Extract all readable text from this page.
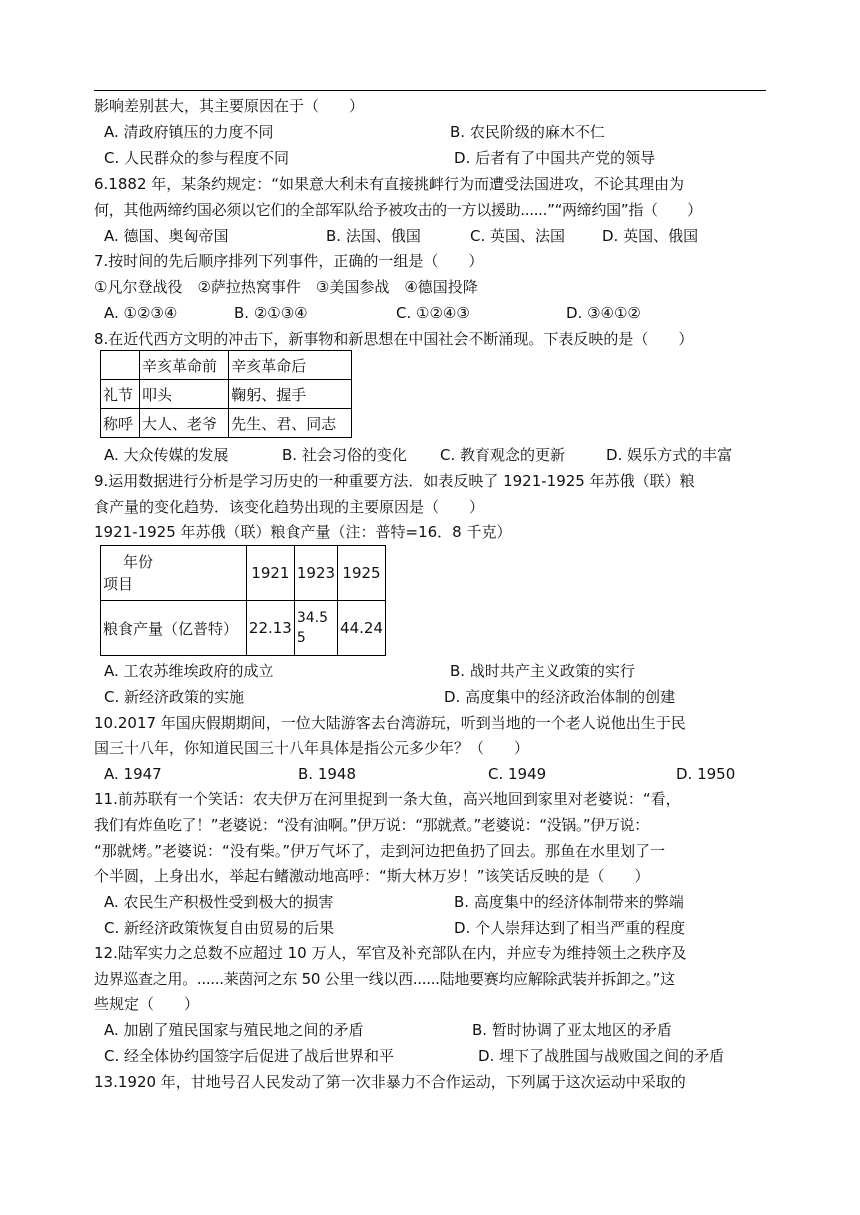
影响差别甚大，其主要原因在于（　　）
A. 清政府镇压的力度不同	B. 农民阶级的麻木不仁
C. 人民群众的参与程度不同	D. 后者有了中国共产党的领导
6.1882 年，某条约规定：“如果意大利未有直接挑衅行为而遭受法国进攻，不论其理由为
何，其他两缔约国必须以它们的全部军队给予被攻击的一方以援助......”“两缔约国”指（　　）
A. 德国、奥匈帝国	B. 法国、俄国	C. 英国、法国 D. 英国、俄国
7.按时间的先后顺序排列下列事件，正确的一组是（　　）
①凡尔登战役　②萨拉热窝事件　③美国参战　④德国投降
A. ①②③④	B. ②①③④	C. ①②④③	D. ③④①②
8.在近代西方文明的冲击下，新事物和新思想在中国社会不断涌现。下表反映的是（　　）
	辛亥革命前	辛亥革命后
礼节	叩头	鞠躬、握手
称呼	大人、老爷	先生、君、同志
A. 大众传媒的发展	B. 社会习俗的变化 C. 教育观念的更新	D. 娱乐方式的丰富
9.运用数据进行分析是学习历史的一种重要方法．如表反映了 1921-1925 年苏俄（联）粮
食产量的变化趋势．该变化趋势出现的主要原因是（　　）
1921-1925 年苏俄（联）粮食产量（注：普特=16．8 千克）
年份
项目	1921	1923	1925
粮食产量（亿普特）	22.13	34.55	44.24
A. 工农苏维埃政府的成立	B. 战时共产主义政策的实行
C. 新经济政策的实施	D. 高度集中的经济政治体制的创建
10.2017 年国庆假期期间，一位大陆游客去台湾游玩，听到当地的一个老人说他出生于民
国三十八年，你知道民国三十八年具体是指公元多少年？（　　）
A. 1947	B. 1948	C. 1949	D. 1950
11.前苏联有一个笑话：农夫伊万在河里捉到一条大鱼，高兴地回到家里对老婆说：“看，
我们有炸鱼吃了！”老婆说：“没有油啊。”伊万说：“那就煮。”老婆说：“没锅。”伊万说：
“那就烤。”老婆说：“没有柴。”伊万气坏了，走到河边把鱼扔了回去。那鱼在水里划了一
个半圆，上身出水，举起右鳍激动地高呼：“斯大林万岁！”该笑话反映的是（　　）
A. 农民生产积极性受到极大的损害	B. 高度集中的经济体制带来的弊端
C. 新经济政策恢复自由贸易的后果	D. 个人崇拜达到了相当严重的程度
12.陆军实力之总数不应超过 10 万人，军官及补充部队在内，并应专为维持领土之秩序及
边界巡查之用。......莱茵河之东 50 公里一线以西......陆地要赛均应解除武装并拆卸之。”这
些规定（　　）
A. 加剧了殖民国家与殖民地之间的矛盾	B. 暂时协调了亚太地区的矛盾
C. 经全体协约国签字后促进了战后世界和平	D. 埋下了战胜国与战败国之间的矛盾
13.1920 年，甘地号召人民发动了第一次非暴力不合作运动，下列属于这次运动中采取的
